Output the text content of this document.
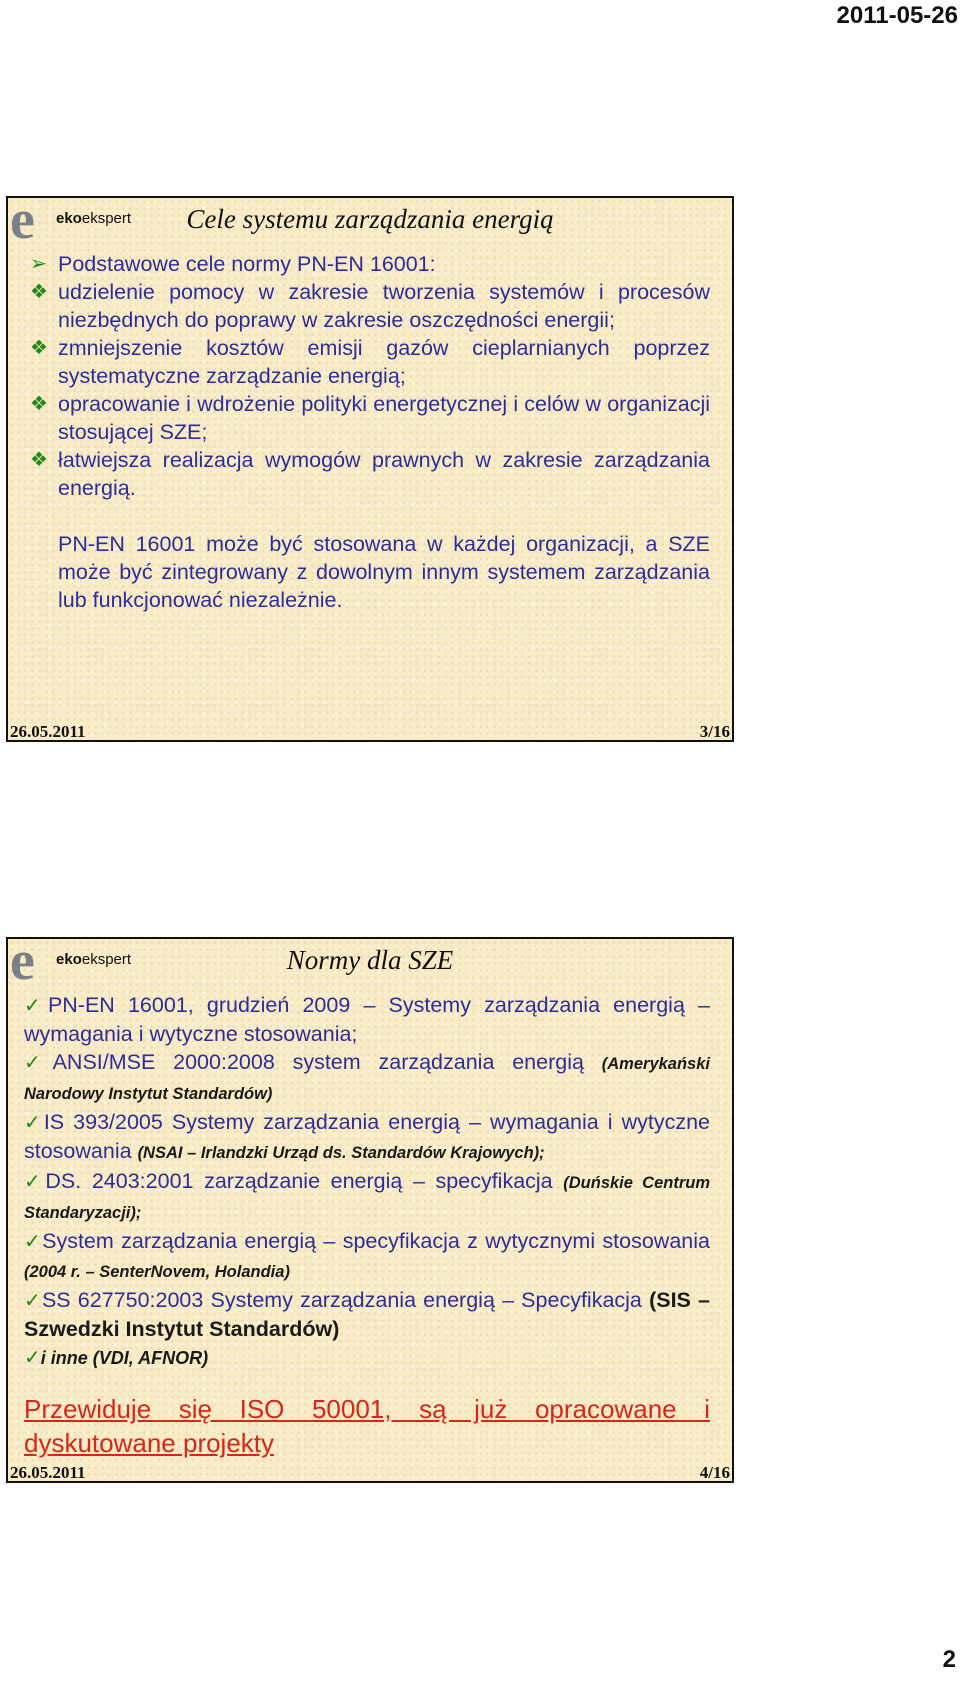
2011-05-26
e ekoekspert	Cele systemu zarządzania energią
➢ Podstawowe cele normy PN-EN 16001:
❖ udzielenie pomocy w zakresie tworzenia systemów i procesów niezbędnych do poprawy w zakresie oszczędności energii;
❖ zmniejszenie kosztów emisji gazów cieplarnianych poprzez systematyczne zarządzanie energią;
❖ opracowanie i wdrożenie polityki energetycznej i celów w organizacji stosującej SZE;
❖ łatwiejsza realizacja wymogów prawnych w zakresie zarządzania energią.
PN-EN 16001 może być stosowana w każdej organizacji, a SZE może być zintegrowany z dowolnym innym systemem zarządzania lub funkcjonować niezależnie.
26.05.2011	3/16
e ekoekspert	Normy dla SZE
✓PN-EN 16001, grudzień 2009 – Systemy zarządzania energią – wymagania i wytyczne stosowania;
✓ANSI/MSE 2000:2008 system zarządzania energią (Amerykański Narodowy Instytut Standardów)
✓IS 393/2005 Systemy zarządzania energią – wymagania i wytyczne stosowania (NSAI – Irlandzki Urząd ds. Standardów Krajowych);
✓DS. 2403:2001 zarządzanie energią – specyfikacja (Duńskie Centrum Standaryzacji);
✓System zarządzania energią – specyfikacja z wytycznymi stosowania (2004 r. – SenterNovem, Holandia)
✓SS 627750:2003 Systemy zarządzania energią – Specyfikacja (SIS – Szwedzki Instytut Standardów)
✓i inne (VDI, AFNOR)
Przewiduje się ISO 50001, są już opracowane i dyskutowane projekty
26.05.2011	4/16
2
